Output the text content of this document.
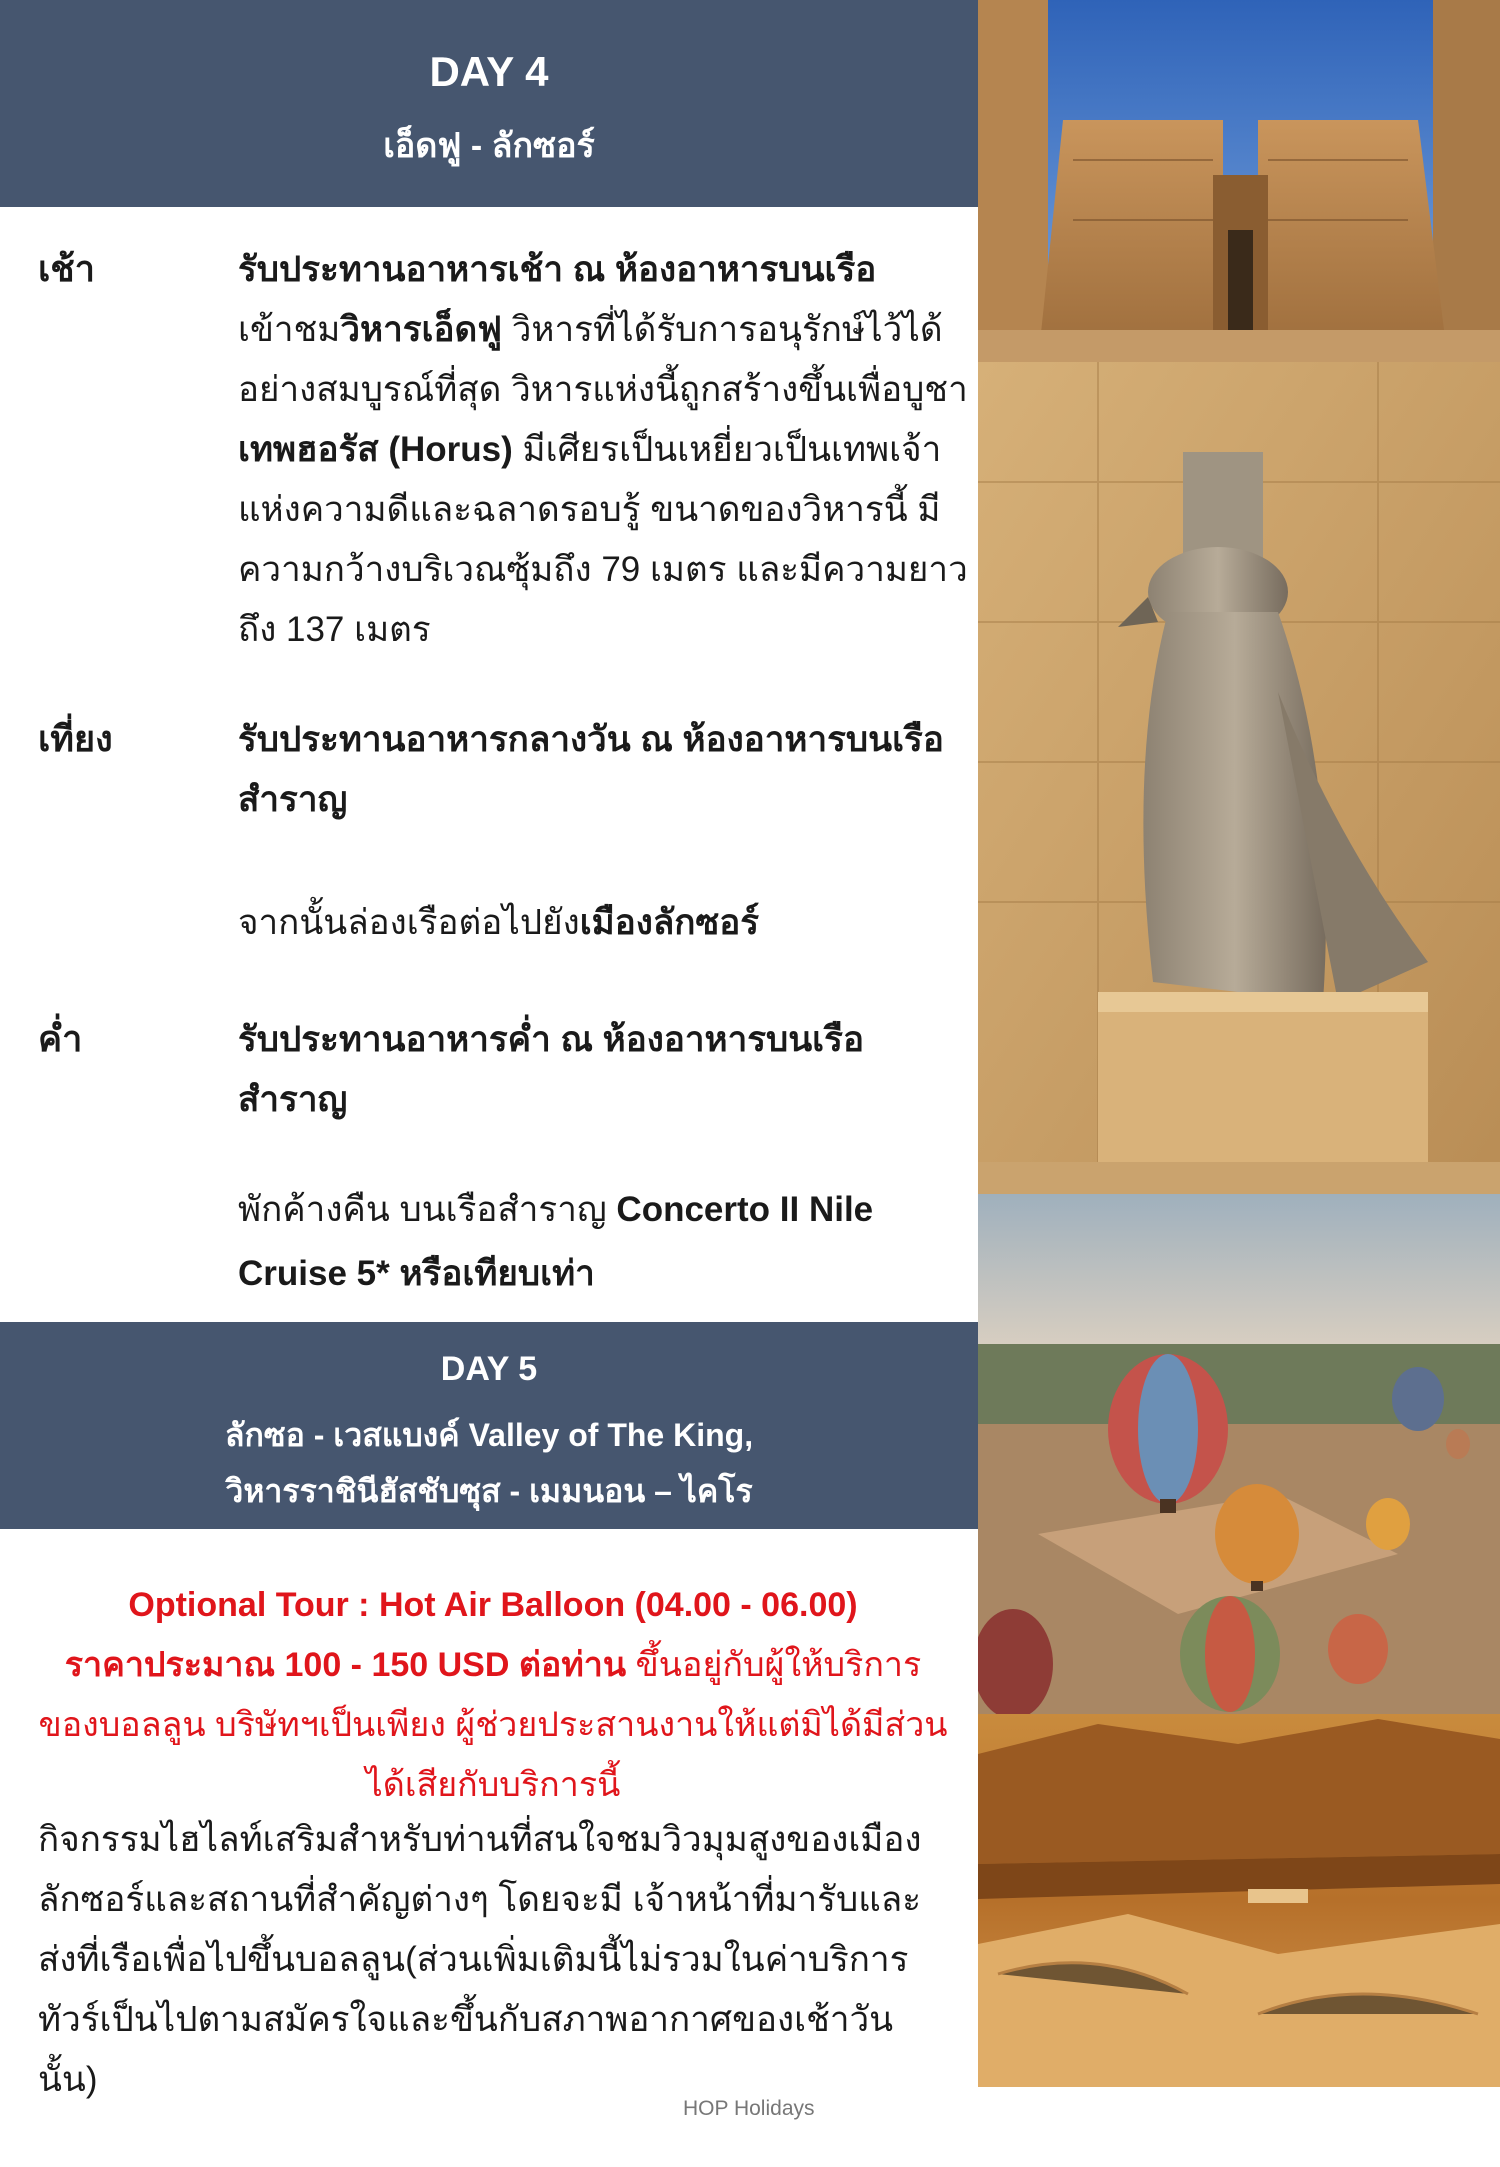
DAY 4
เอ็ดฟู - ลักซอร์
เช้า	รับประทานอาหารเช้า ณ ห้องอาหารบนเรือ
เข้าชมวิหารเอ็ดฟู วิหารที่ได้รับการอนุรักษ์ไว้ได้อย่างสมบูรณ์ที่สุด วิหารแห่งนี้ถูกสร้างขึ้นเพื่อบูชา เทพฮอรัส (Horus) มีเศียรเป็นเหยี่ยวเป็นเทพเจ้าแห่งความดีและฉลาดรอบรู้ ขนาดของวิหารนี้ มีความกว้างบริเวณซุ้มถึง 79 เมตร และมีความยาวถึง 137 เมตร
เที่ยง	รับประทานอาหารกลางวัน ณ ห้องอาหารบนเรือสำราญ
จากนั้นล่องเรือต่อไปยังเมืองลักซอร์
ค่ำ	รับประทานอาหารค่ำ ณ ห้องอาหารบนเรือสำราญ
พักค้างคืน บนเรือสำราญ Concerto II Nile Cruise 5* หรือเทียบเท่า
DAY 5
ลักซอ - เวสแบงค์ Valley of The King,
วิหารราชินีฮัสชับซุส - เมมนอน – ไคโร
Optional Tour : Hot Air Balloon (04.00 - 06.00)
ราคาประมาณ 100 - 150 USD ต่อท่าน ขึ้นอยู่กับผู้ให้บริการของบอลลูน บริษัทฯเป็นเพียง ผู้ช่วยประสานงานให้แต่มิได้มีส่วนได้เสียกับบริการนี้
กิจกรรมไฮไลท์เสริมสำหรับท่านที่สนใจชมวิวมุมสูงของเมืองลักซอร์และสถานที่สำคัญต่างๆ โดยจะมี เจ้าหน้าที่มารับและส่งที่เรือเพื่อไปขึ้นบอลลูน(ส่วนเพิ่มเติมนี้ไม่รวมในค่าบริการทัวร์เป็นไปตามสมัครใจและขึ้นกับสภาพอากาศของเช้าวันนั้น)
HOP Holidays
